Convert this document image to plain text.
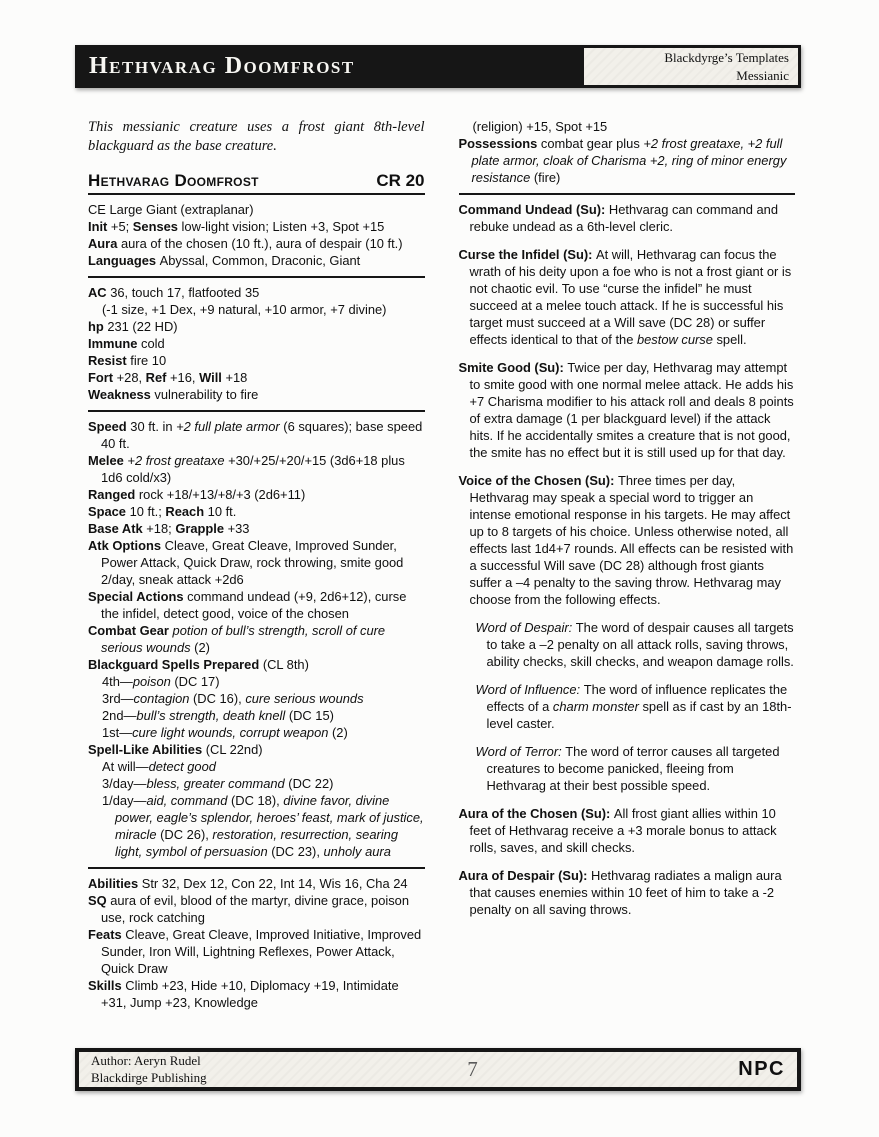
Hethvarag Doomfrost	Blackdyrge’s Templates
Messianic

This messianic creature uses a frost giant 8th-level blackguard as the base creature.

Hethvarag Doomfrost	CR 20

CE Large Giant (extraplanar)

Init +5; Senses low-light vision; Listen +3, Spot +15

Aura aura of the chosen (10 ft.), aura of despair (10 ft.)

Languages Abyssal, Common, Draconic, Giant

AC 36, touch 17, flatfooted 35

(-1 size, +1 Dex, +9 natural, +10 armor, +7 divine)

hp 231 (22 HD)

Immune cold

Resist fire 10

Fort +28, Ref +16, Will +18

Weakness vulnerability to fire

Speed 30 ft. in +2 full plate armor (6 squares); base speed 40 ft.

Melee +2 frost greataxe +30/+25/+20/+15 (3d6+18 plus 1d6 cold/x3)

Ranged rock +18/+13/+8/+3 (2d6+11)

Space 10 ft.; Reach 10 ft.

Base Atk +18; Grapple +33

Atk Options Cleave, Great Cleave, Improved Sunder, Power Attack, Quick Draw, rock throwing, smite good 2/day, sneak attack +2d6

Special Actions command undead (+9, 2d6+12), curse the infidel, detect good, voice of the chosen

Combat Gear potion of bull’s strength, scroll of cure serious wounds (2)

Blackguard Spells Prepared (CL 8th)

4th—poison (DC 17)

3rd—contagion (DC 16), cure serious wounds

2nd—bull’s strength, death knell (DC 15)

1st—cure light wounds, corrupt weapon (2)

Spell-Like Abilities (CL 22nd)

At will—detect good

3/day—bless, greater command (DC 22)

1/day—aid, command (DC 18), divine favor, divine power, eagle’s splendor, heroes’ feast, mark of justice, miracle (DC 26), restoration, resurrection, searing light, symbol of persuasion (DC 23), unholy aura

Abilities Str 32, Dex 12, Con 22, Int 14, Wis 16, Cha 24

SQ aura of evil, blood of the martyr, divine grace, poison use, rock catching

Feats Cleave, Great Cleave, Improved Initiative, Improved Sunder, Iron Will, Lightning Reflexes, Power Attack, Quick Draw

Skills Climb +23, Hide +10, Diplomacy +19, Intimidate +31, Jump +23, Knowledge

(religion) +15, Spot +15

Possessions combat gear plus +2 frost greataxe, +2 full plate armor, cloak of Charisma +2, ring of minor energy resistance (fire)

Command Undead (Su): Hethvarag can command and rebuke undead as a 6th-level cleric.

Curse the Infidel (Su): At will, Hethvarag can focus the wrath of his deity upon a foe who is not a frost giant or is not chaotic evil. To use “curse the infidel” he must succeed at a melee touch attack. If he is successful his target must succeed at a Will save (DC 28) or suffer effects identical to that of the bestow curse spell.

Smite Good (Su): Twice per day, Hethvarag may attempt to smite good with one normal melee attack. He adds his +7 Charisma modifier to his attack roll and deals 8 points of extra damage (1 per blackguard level) if the attack hits. If he accidentally smites a creature that is not good, the smite has no effect but it is still used up for that day.

Voice of the Chosen (Su): Three times per day, Hethvarag may speak a special word to trigger an intense emotional response in his targets. He may affect up to 8 targets of his choice. Unless otherwise noted, all effects last 1d4+7 rounds. All effects can be resisted with a successful Will save (DC 28) although frost giants suffer a –4 penalty to the saving throw. Hethvarag may choose from the following effects.

Word of Despair: The word of despair causes all targets to take a –2 penalty on all attack rolls, saving throws, ability checks, skill checks, and weapon damage rolls.

Word of Influence: The word of influence replicates the effects of a charm monster spell as if cast by an 18th-level caster.

Word of Terror: The word of terror causes all targeted creatures to become panicked, fleeing from Hethvarag at their best possible speed.

Aura of the Chosen (Su): All frost giant allies within 10 feet of Hethvarag receive a +3 morale bonus to attack rolls, saves, and skill checks.

Aura of Despair (Su): Hethvarag radiates a malign aura that causes enemies within 10 feet of him to take a -2 penalty on all saving throws.

Author: Aeryn Rudel
Blackdirge Publishing	7	NPC
